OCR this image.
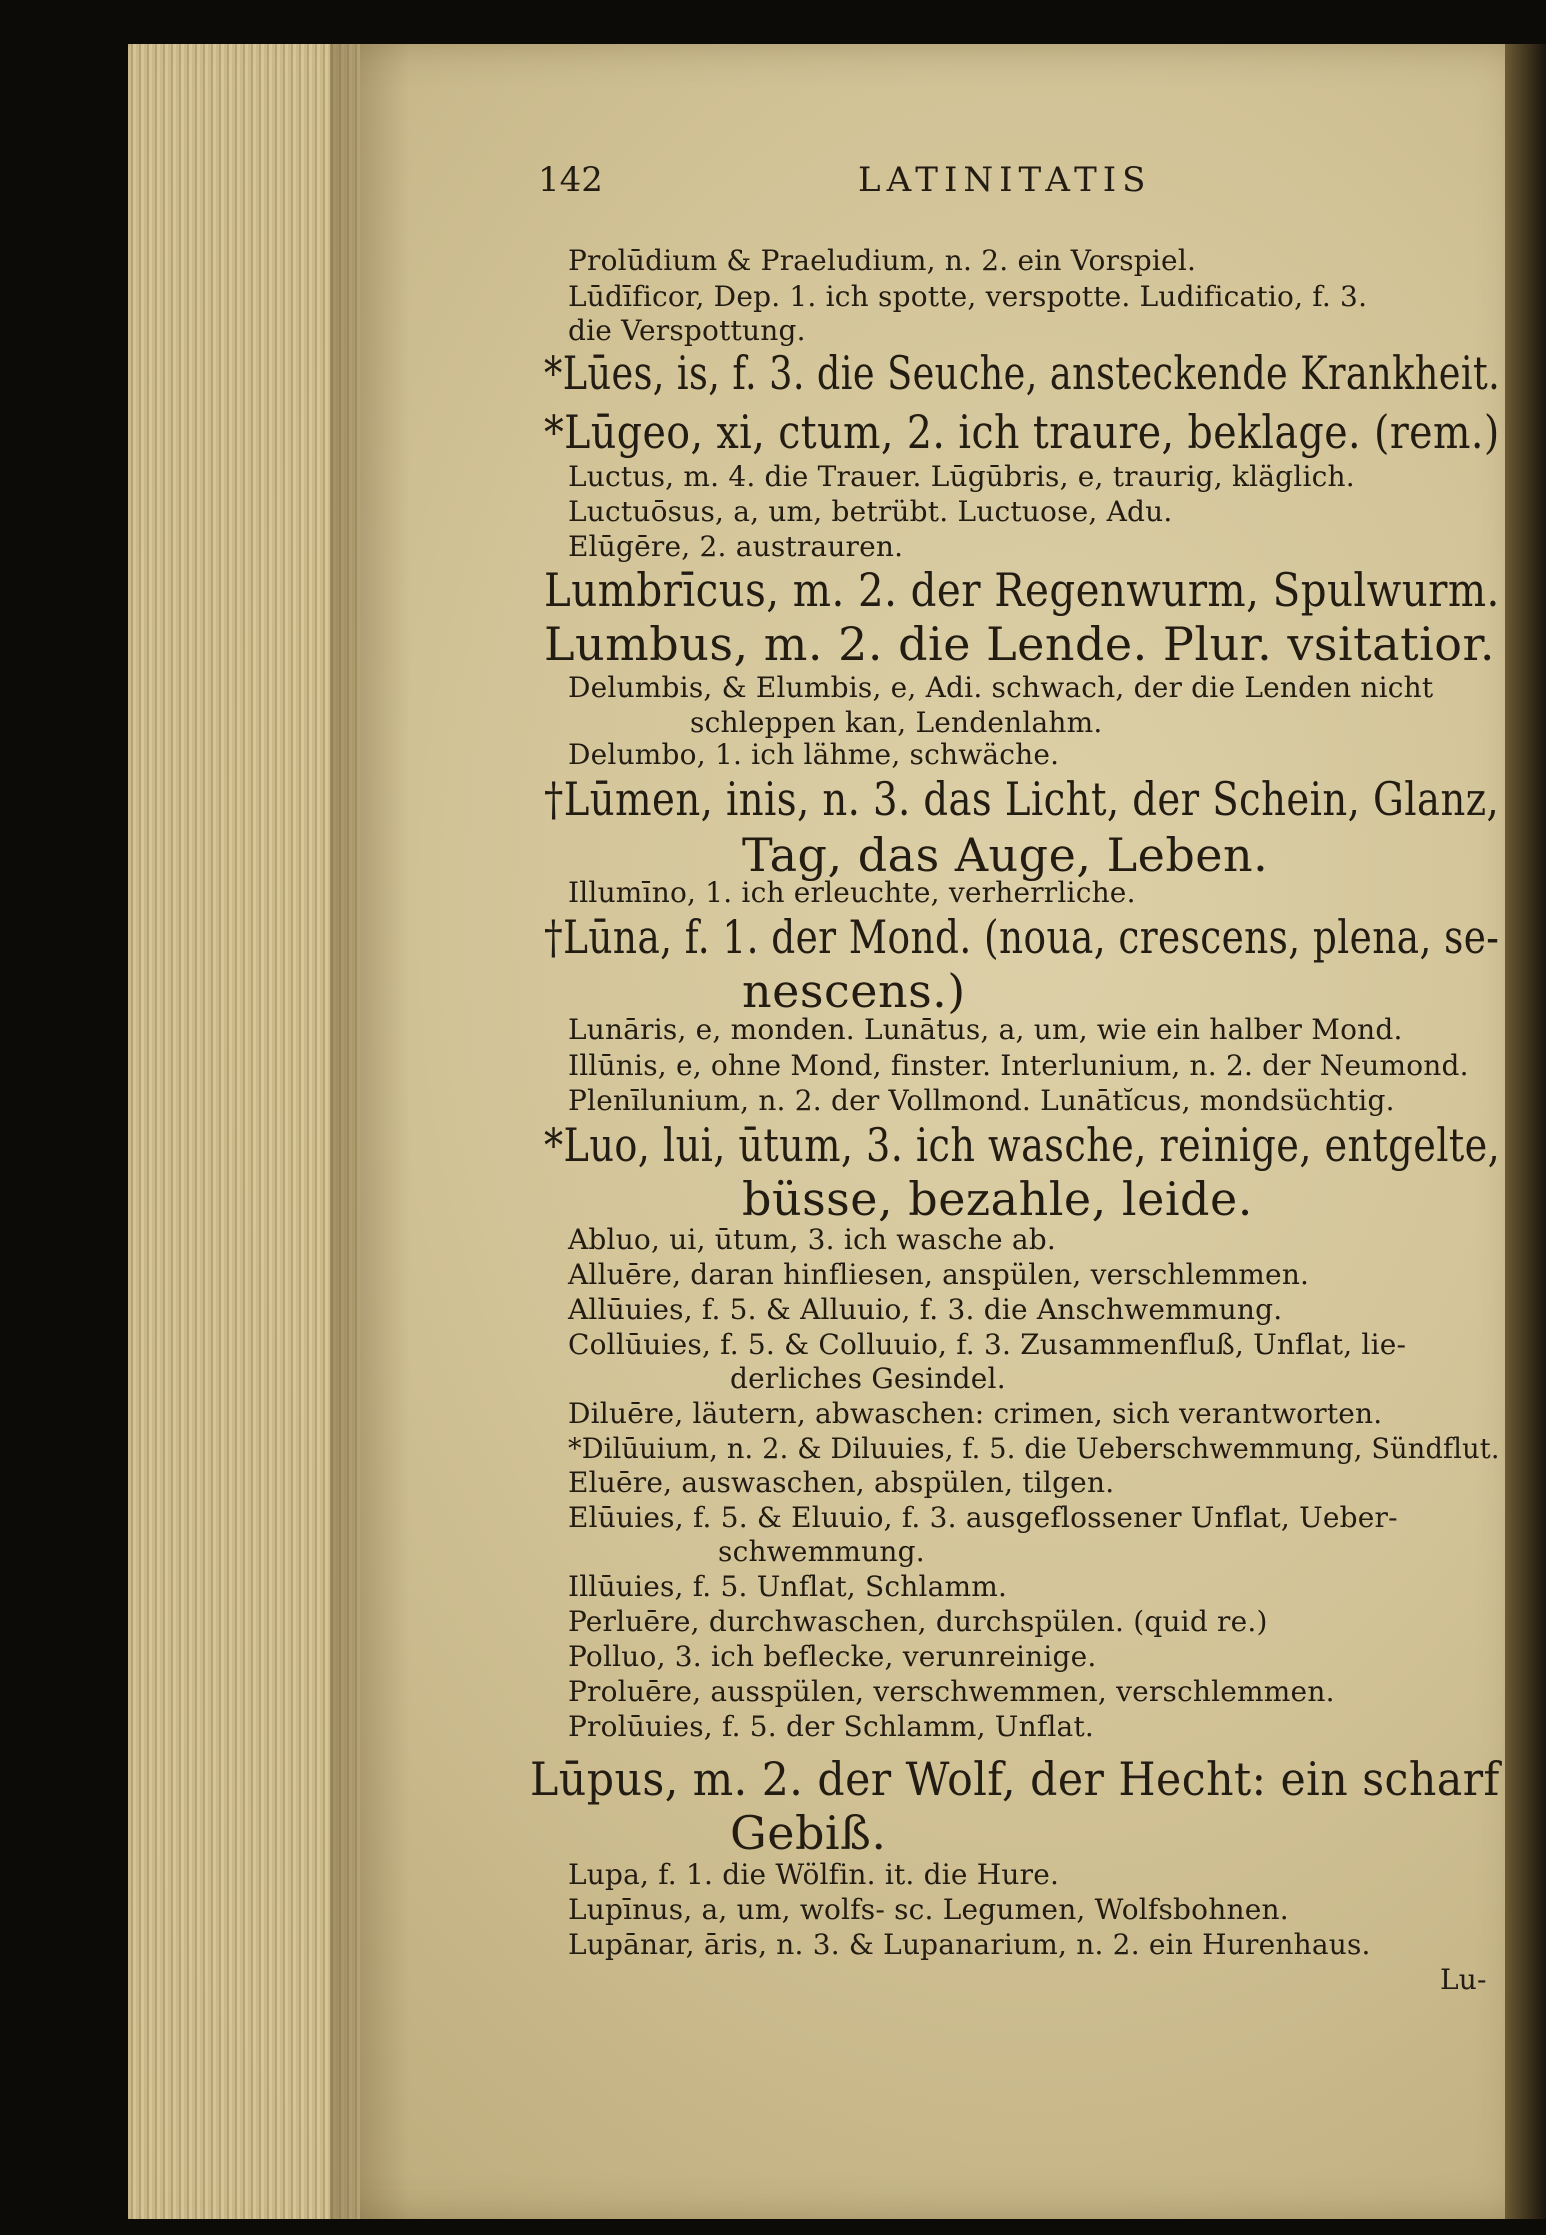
142	LATINITATIS
Prolūdium & Praeludium, n. 2. ein Vorspiel.
Lūdīficor, Dep. 1. ich spotte, verspotte. Ludificatio, f. 3.
die Verspottung.
*Lūes, is, f. 3. die Seuche, ansteckende Krankheit.
*Lūgeo, xi, ctum, 2. ich traure, beklage. (rem.)
Luctus, m. 4. die Trauer. Lūgūbris, e, traurig, kläglich.
Luctuōsus, a, um, betrübt. Luctuose, Adu.
Elūgēre, 2. austrauren.
Lumbrīcus, m. 2. der Regenwurm, Spulwurm.
Lumbus, m. 2. die Lende. Plur. vsitatior.
Delumbis, & Elumbis, e, Adi. schwach, der die Lenden nicht
schleppen kan, Lendenlahm.
Delumbo, 1. ich lähme, schwäche.
†Lūmen, inis, n. 3. das Licht, der Schein, Glanz,
Tag, das Auge, Leben.
Illumīno, 1. ich erleuchte, verherrliche.
†Lūna, f. 1. der Mond. (noua, crescens, plena, se-
nescens.)
Lunāris, e, monden. Lunātus, a, um, wie ein halber Mond.
Illūnis, e, ohne Mond, finster. Interlunium, n. 2. der Neumond.
Plenīlunium, n. 2. der Vollmond. Lunātĭcus, mondsüchtig.
*Luo, lui, ūtum, 3. ich wasche, reinige, entgelte,
büsse, bezahle, leide.
Abluo, ui, ūtum, 3. ich wasche ab.
Alluēre, daran hinfliesen, anspülen, verschlemmen.
Allūuies, f. 5. & Alluuio, f. 3. die Anschwemmung.
Collūuies, f. 5. & Colluuio, f. 3. Zusammenfluß, Unflat, lie-
derliches Gesindel.
Diluēre, läutern, abwaschen: crimen, sich verantworten.
*Dilūuium, n. 2. & Diluuies, f. 5. die Ueberschwemmung, Sündflut.
Eluēre, auswaschen, abspülen, tilgen.
Elūuies, f. 5. & Eluuio, f. 3. ausgeflossener Unflat, Ueber-
schwemmung.
Illūuies, f. 5. Unflat, Schlamm.
Perluēre, durchwaschen, durchspülen. (quid re.)
Polluo, 3. ich beflecke, verunreinige.
Proluēre, ausspülen, verschwemmen, verschlemmen.
Prolūuies, f. 5. der Schlamm, Unflat.
Lūpus, m. 2. der Wolf, der Hecht: ein scharf
Gebiß.
Lupa, f. 1. die Wölfin. it. die Hure.
Lupīnus, a, um, wolfs- sc. Legumen, Wolfsbohnen.
Lupānar, āris, n. 3. & Lupanarium, n. 2. ein Hurenhaus.
Lu-
